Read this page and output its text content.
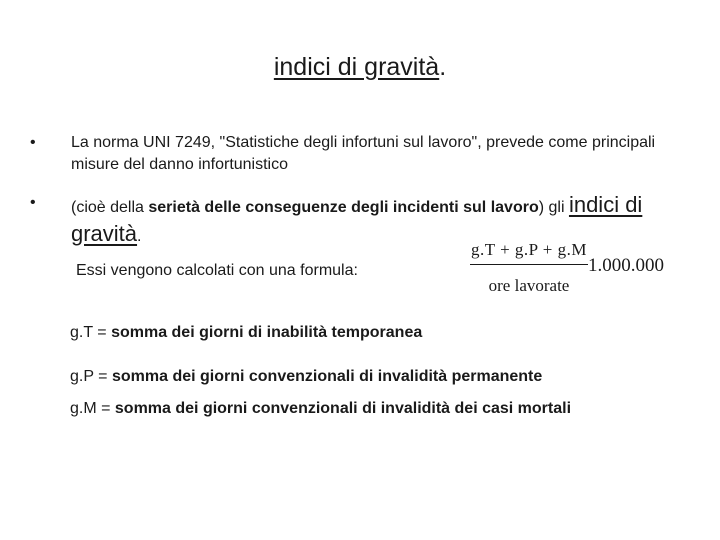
indici di gravità.
•	La norma UNI 7249, "Statistiche degli infortuni sul lavoro", prevede come principali misure del danno infortunistico
•	(cioè della serietà delle conseguenze degli incidenti sul lavoro) gli indici di gravità.
Essi vengono calcolati con una formula:
g.T + g.P + g.M
ore lavorate
1.000.000
g.T = somma dei giorni di inabilità temporanea
g.P = somma dei giorni convenzionali di invalidità permanente
g.M = somma dei giorni convenzionali di invalidità dei casi mortali
